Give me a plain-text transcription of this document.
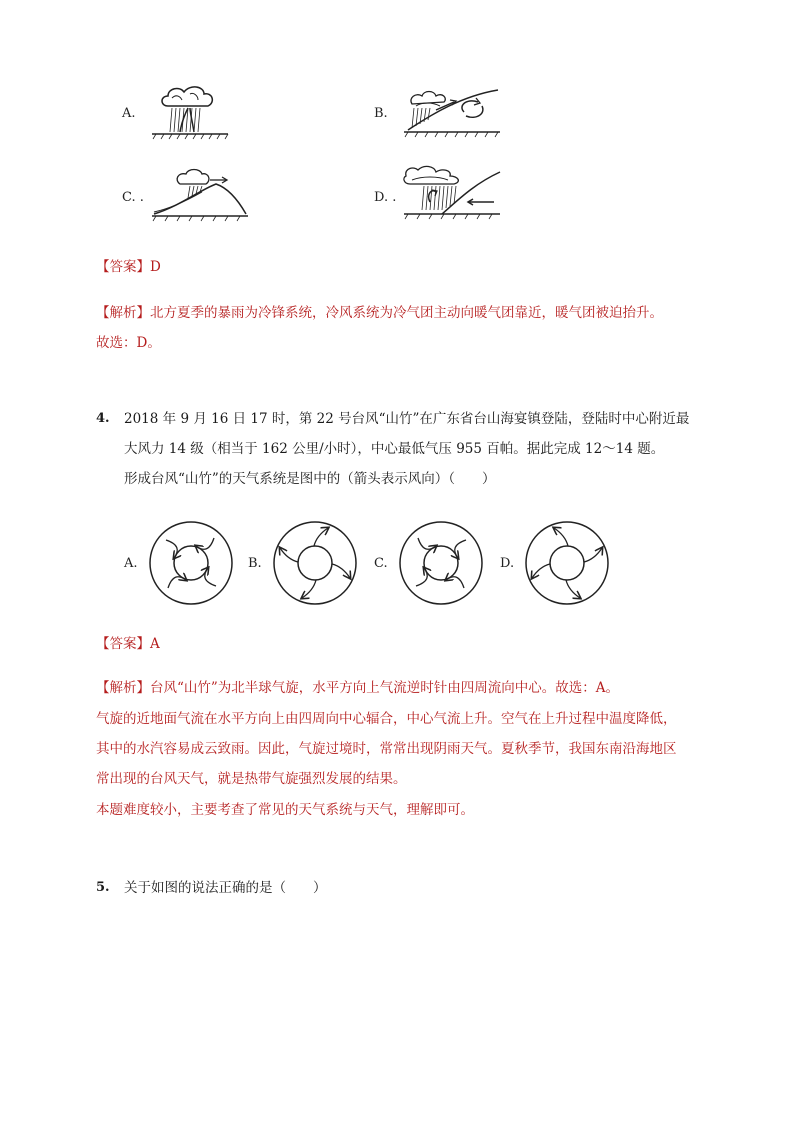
A.	B.
C. .	D. .
【答案】D
【解析】北方夏季的暴雨为冷锋系统，冷风系统为冷气团主动向暖气团靠近，暖气团被迫抬升。
故选：D。
4. 2018 年 9 月 16 日 17 时，第 22 号台风“山竹”在广东省台山海宴镇登陆，登陆时中心附近最
大风力 14 级（相当于 162 公里/小时），中心最低气压 955 百帕。据此完成 12～14 题。
形成台风“山竹”的天气系统是图中的（箭头表示风向）（　　）
A.	B.	C.	D.
【答案】A
【解析】台风“山竹”为北半球气旋，水平方向上气流逆时针由四周流向中心。故选：A。
气旋的近地面气流在水平方向上由四周向中心辐合，中心气流上升。空气在上升过程中温度降低，
其中的水汽容易成云致雨。因此，气旋过境时，常常出现阴雨天气。夏秋季节，我国东南沿海地区
常出现的台风天气，就是热带气旋强烈发展的结果。
本题难度较小，主要考查了常见的天气系统与天气，理解即可。
5. 关于如图的说法正确的是（　　）
